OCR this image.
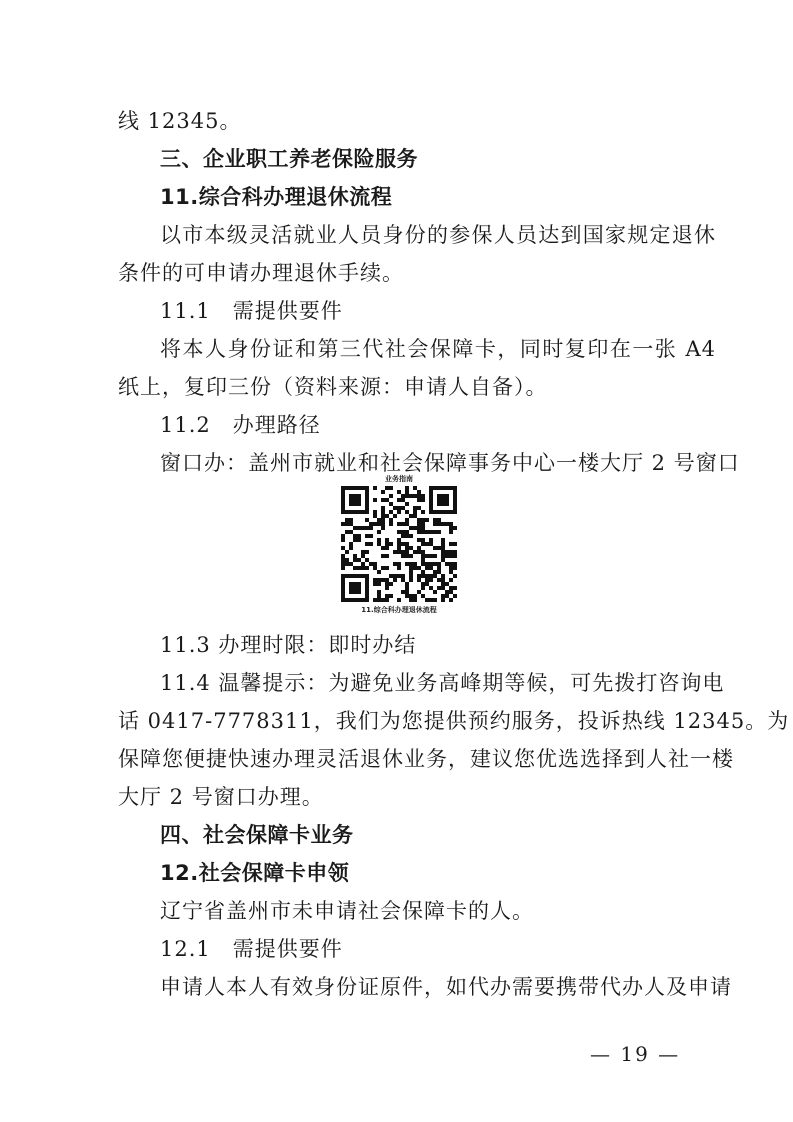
线 12345。
三、企业职工养老保险服务
11.综合科办理退休流程
以市本级灵活就业人员身份的参保人员达到国家规定退休
条件的可申请办理退休手续。
11.1　需提供要件
将本人身份证和第三代社会保障卡，同时复印在一张 A4
纸上，复印三份（资料来源：申请人自备）。
11.2　办理路径
窗口办：盖州市就业和社会保障事务中心一楼大厅 2 号窗口
业务指南
11.综合科办理退休流程
11.3 办理时限：即时办结
11.4 温馨提示：为避免业务高峰期等候，可先拨打咨询电
话 0417-7778311，我们为您提供预约服务，投诉热线 12345。为
保障您便捷快速办理灵活退休业务，建议您优选选择到人社一楼
大厅 2 号窗口办理。
四、社会保障卡业务
12.社会保障卡申领
辽宁省盖州市未申请社会保障卡的人。
12.1　需提供要件
申请人本人有效身份证原件，如代办需要携带代办人及申请
— 19 —
